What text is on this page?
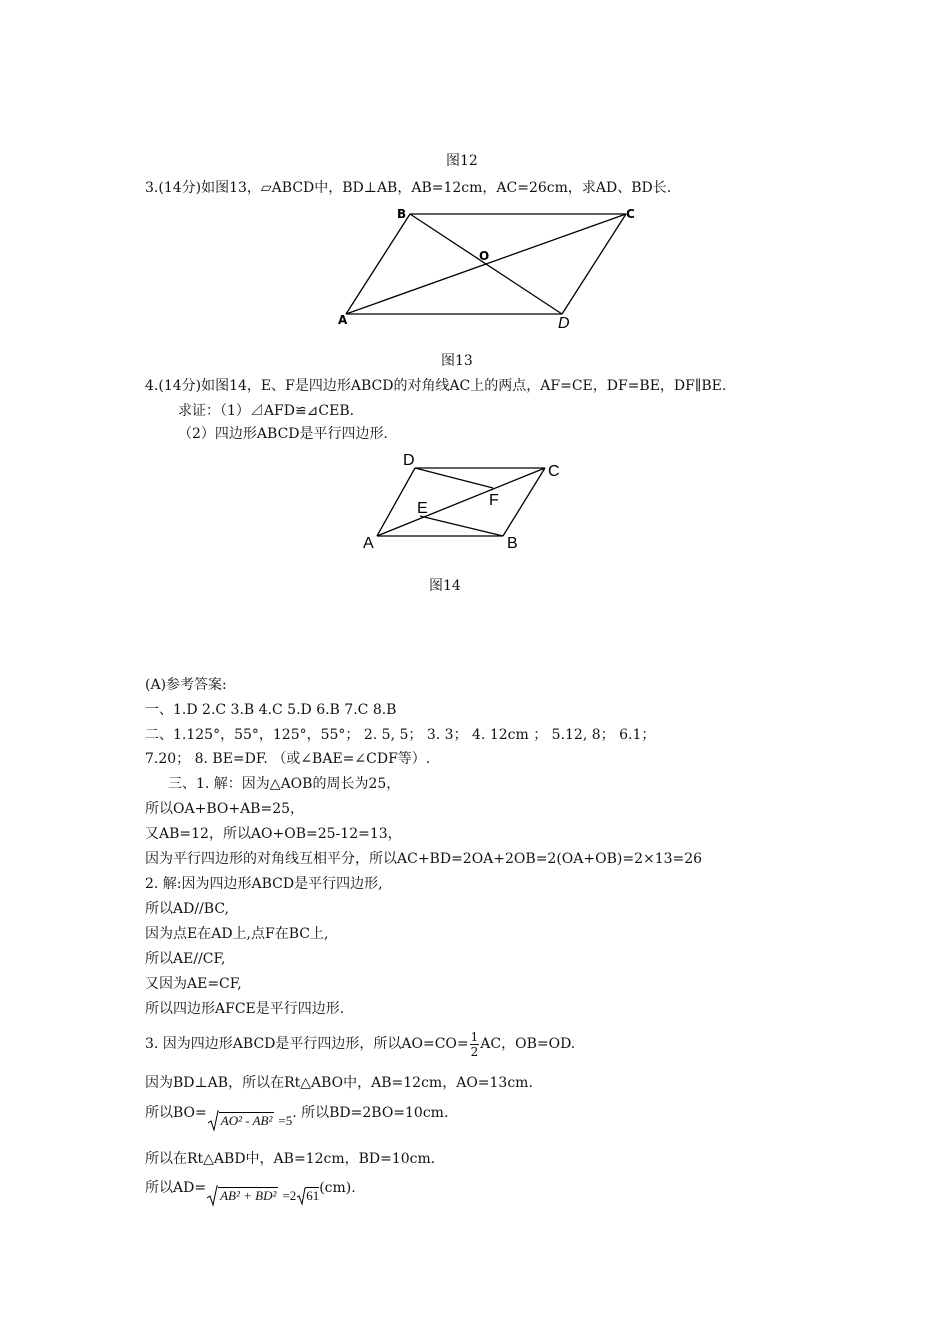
图12
3.(14分)如图13，▱ABCD中，BD⊥AB，AB=12cm，AC=26cm，求AD、BD长.
B	C
O
A	D
图13
4.(14分)如图14，E、F是四边形ABCD的对角线AC上的两点，AF=CE，DF=BE，DF∥BE.
求证：（1）⊿AFD≌⊿CEB.
（2）四边形ABCD是平行四边形.
D
C
F
E
A	B
图14
(A)参考答案:
一、1.D 2.C 3.B 4.C 5.D 6.B 7.C 8.B
二、1.125°，55°，125°，55°； 2. 5, 5； 3. 3； 4. 12cm ； 5.12, 8； 6.1；
7.20； 8. BE=DF. （或∠BAE=∠CDF等）.
三、1. 解：因为△AOB的周长为25，
所以OA+BO+AB=25，
又AB=12，所以AO+OB=25-12=13，
因为平行四边形的对角线互相平分，所以AC+BD=2OA+2OB=2(OA+OB)=2×13=26
2. 解:因为四边形ABCD是平行四边形,
所以AD//BC,
因为点E在AD上,点F在BC上,
所以AE//CF,
又因为AE=CF,
所以四边形AFCE是平行四边形.
3. 因为四边形ABCD是平行四边形，所以$AO=CO= \frac{1}{2}$ AC，OB=OD.
因为BD⊥AB，所以在Rt△ABO中，AB=12cm，AO=13cm.
所以BO= AO² - AB² =5. 所以BD=2BO=10cm.
所以在Rt△ABD中，AB=12cm，BD=10cm.
所以AD= AB² + BD² =2 61(cm).
